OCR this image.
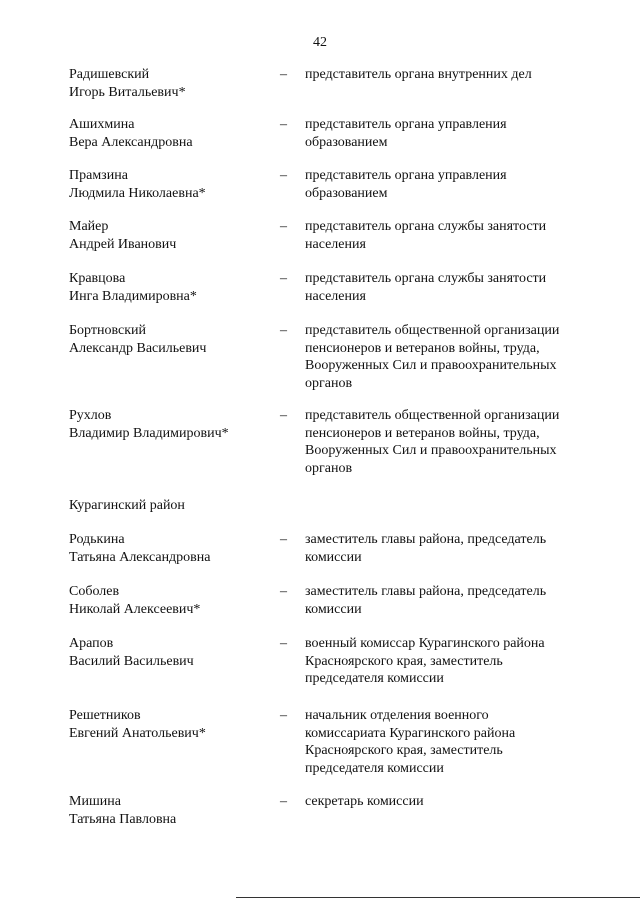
42
Радишевский
Игорь Витальевич*
– представитель органа внутренних дел
Ашихмина
Вера Александровна
– представитель органа управления
образованием
Прамзина
Людмила Николаевна*
– представитель органа управления
образованием
Майер
Андрей Иванович
– представитель органа службы занятости
населения
Кравцова
Инга Владимировна*
– представитель органа службы занятости
населения
Бортновский
Александр Васильевич
– представитель общественной организации
пенсионеров и ветеранов войны, труда,
Вооруженных Сил и правоохранительных
органов
Рухлов
Владимир Владимирович*
– представитель общественной организации
пенсионеров и ветеранов войны, труда,
Вооруженных Сил и правоохранительных
органов
Курагинский район
Родькина
Татьяна Александровна
– заместитель главы района, председатель
комиссии
Соболев
Николай Алексеевич*
– заместитель главы района, председатель
комиссии
Арапов
Василий Васильевич
– военный комиссар Курагинского района
Красноярского края, заместитель
председателя комиссии
Решетников
Евгений Анатольевич*
– начальник отделения военного
комиссариата Курагинского района
Красноярского края, заместитель
председателя комиссии
Мишина
Татьяна Павловна
– секретарь комиссии
